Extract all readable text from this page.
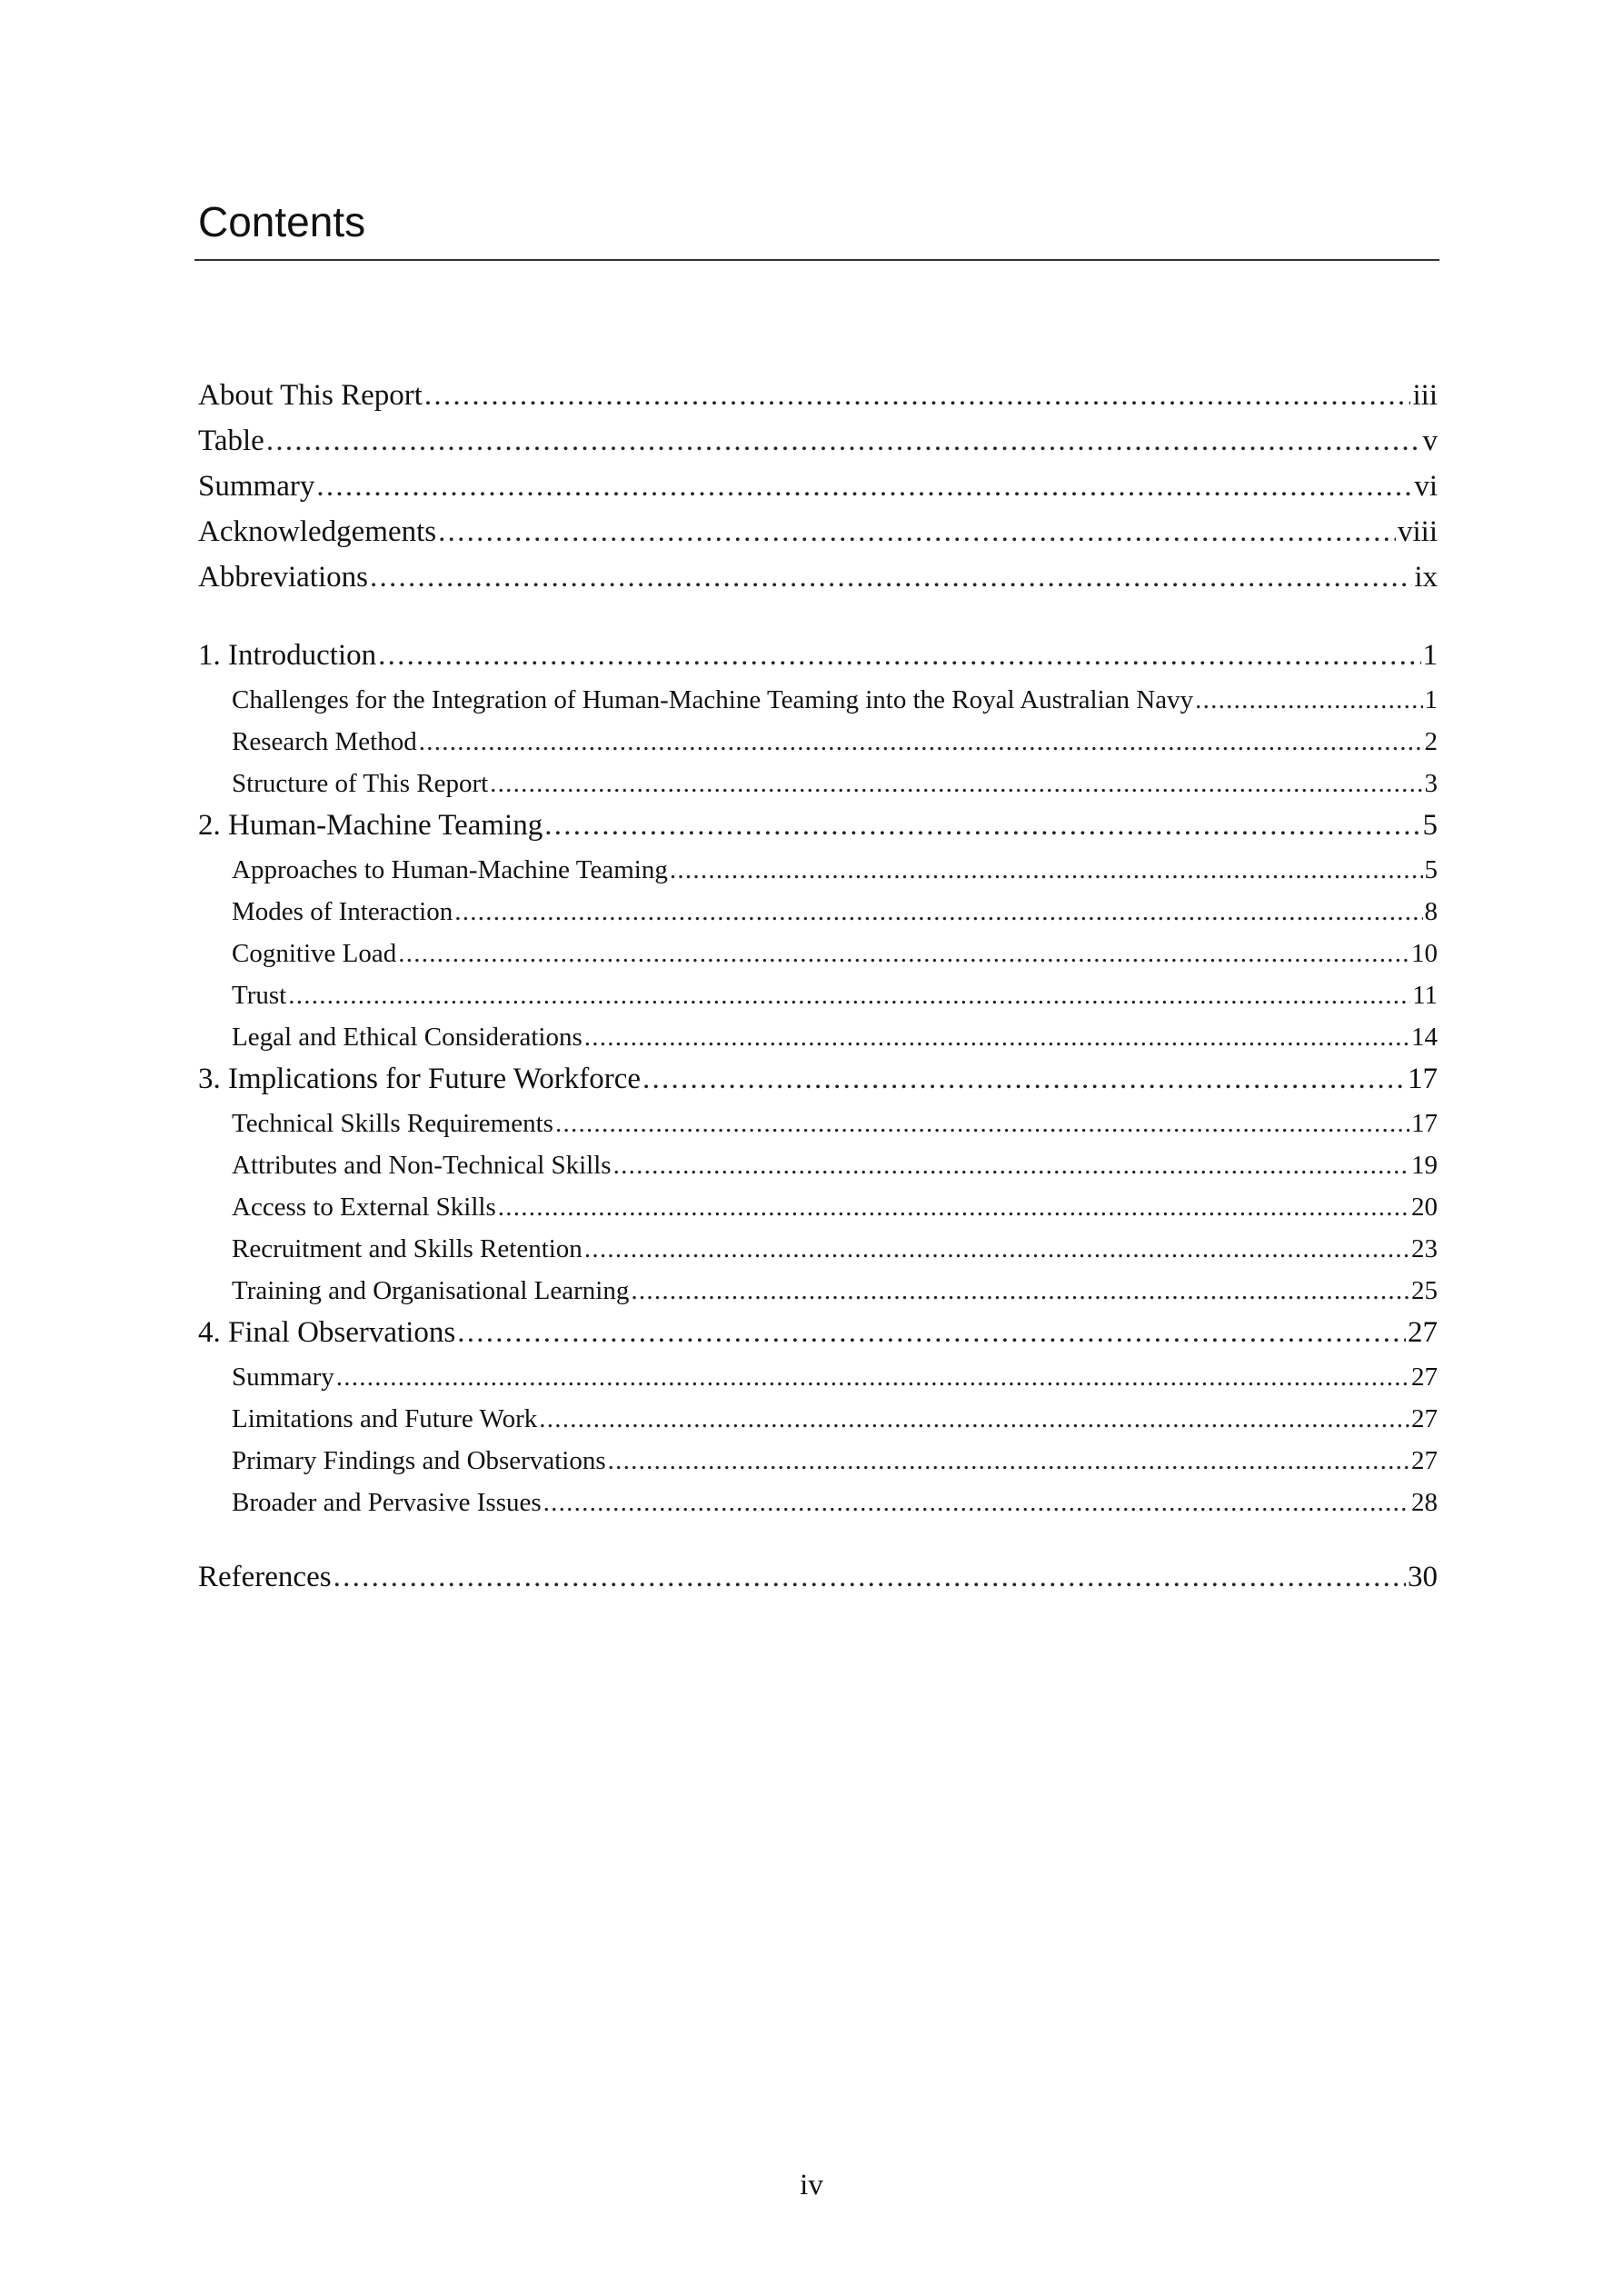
Contents
About This Report . . .	iii
Table . . .	v
Summary . . .	vi
Acknowledgements . . .	viii
Abbreviations . . .	ix
1. Introduction . . .	1
Challenges for the Integration of Human-Machine Teaming into the Royal Australian Navy . . .	1
Research Method . . .	2
Structure of This Report . . .	3
2. Human-Machine Teaming . . .	5
Approaches to Human-Machine Teaming . . .	5
Modes of Interaction . . .	8
Cognitive Load . . .	10
Trust . . .	11
Legal and Ethical Considerations . . .	14
3. Implications for Future Workforce . . .	17
Technical Skills Requirements . . .	17
Attributes and Non-Technical Skills . . .	19
Access to External Skills . . .	20
Recruitment and Skills Retention . . .	23
Training and Organisational Learning . . .	25
4. Final Observations . . .	27
Summary . . .	27
Limitations and Future Work . . .	27
Primary Findings and Observations . . .	27
Broader and Pervasive Issues . . .	28
References . . .	30
iv
